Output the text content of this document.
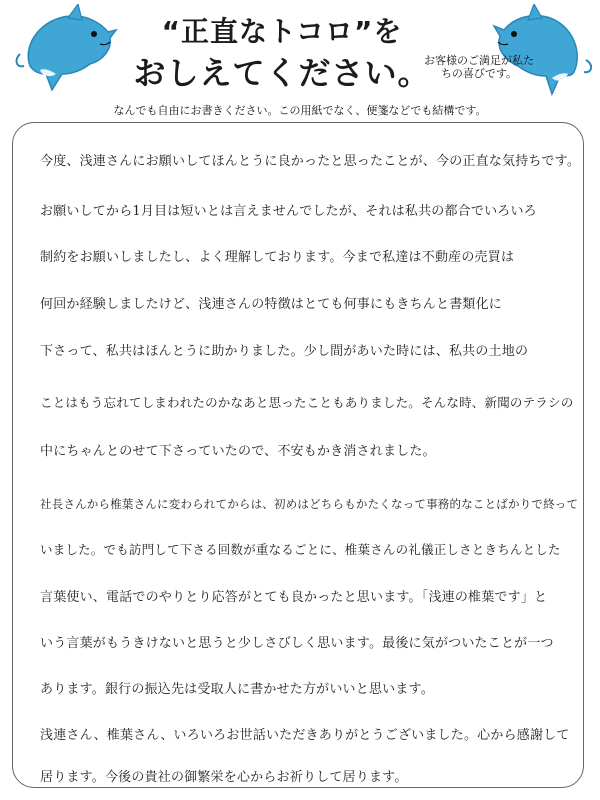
“正直なトコロ”を
おしえてください。
お客様のご満足が私たちの喜びです。
なんでも自由にお書きください。この用紙でなく、便箋などでも結構です。
今度、浅連さんにお願いしてほんとうに良かったと思ったことが、今の正直な気持ちです。
お願いしてから1月目は短いとは言えませんでしたが、それは私共の都合でいろいろ
制約をお願いしましたし、よく理解しております。今まで私達は不動産の売買は
何回か経験しましたけど、浅連さんの特徴はとても何事にもきちんと書類化に
下さって、私共はほんとうに助かりました。少し間があいた時には、私共の土地の
ことはもう忘れてしまわれたのかなあと思ったこともありました。そんな時、新聞のテラシの
中にちゃんとのせて下さっていたので、不安もかき消されました。
社長さんから椎葉さんに変わられてからは、初めはどちらもかたくなって事務的なことばかりで終って
いました。でも訪門して下さる回数が重なるごとに、椎葉さんの礼儀正しさときちんとした
言葉使い、電話でのやりとり応答がとても良かったと思います。「浅連の椎葉です」と
いう言葉がもうきけないと思うと少しさびしく思います。最後に気がついたことが一つ
あります。銀行の振込先は受取人に書かせた方がいいと思います。
浅連さん、椎葉さん、いろいろお世話いただきありがとうございました。心から感謝して
居ります。今後の貴社の御繁栄を心からお祈りして居ります。
